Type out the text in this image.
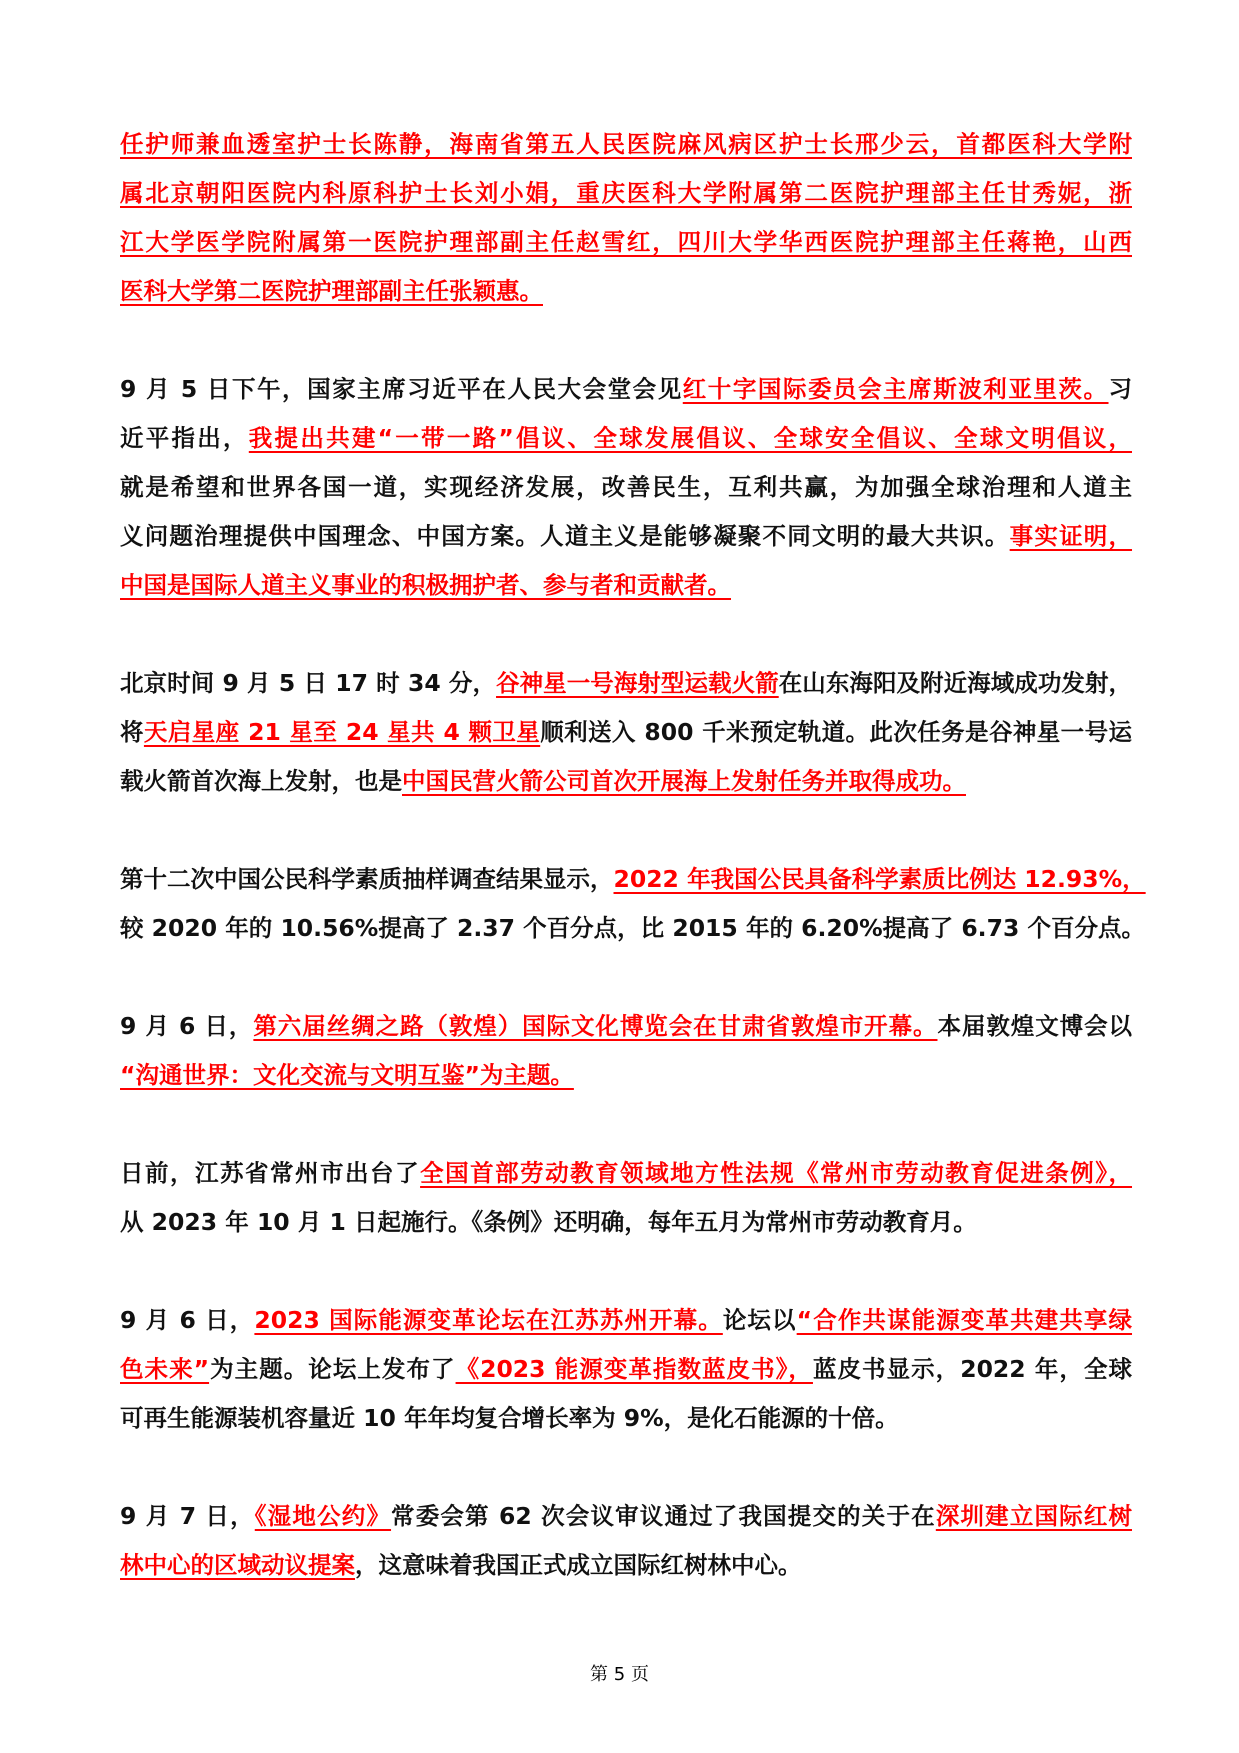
任护师兼血透室护士长陈静，海南省第五人民医院麻风病区护士长邢少云，首都医科大学附
属北京朝阳医院内科原科护士长刘小娟，重庆医科大学附属第二医院护理部主任甘秀妮，浙
江大学医学院附属第一医院护理部副主任赵雪红，四川大学华西医院护理部主任蒋艳，山西
医科大学第二医院护理部副主任张颖惠。
9 月 5 日下午，国家主席习近平在人民大会堂会见红十字国际委员会主席斯波利亚里茨。习
近平指出，我提出共建“一带一路”倡议、全球发展倡议、全球安全倡议、全球文明倡议，
就是希望和世界各国一道，实现经济发展，改善民生，互利共赢，为加强全球治理和人道主
义问题治理提供中国理念、中国方案。人道主义是能够凝聚不同文明的最大共识。事实证明，
中国是国际人道主义事业的积极拥护者、参与者和贡献者。
北京时间 9 月 5 日 17 时 34 分，谷神星一号海射型运载火箭在山东海阳及附近海域成功发射，
将天启星座 21 星至 24 星共 4 颗卫星顺利送入 800 千米预定轨道。此次任务是谷神星一号运
载火箭首次海上发射，也是中国民营火箭公司首次开展海上发射任务并取得成功。
第十二次中国公民科学素质抽样调查结果显示，2022 年我国公民具备科学素质比例达 12.93%，
较 2020 年的 10.56%提高了 2.37 个百分点，比 2015 年的 6.20%提高了 6.73 个百分点。
9 月 6 日，第六届丝绸之路（敦煌）国际文化博览会在甘肃省敦煌市开幕。本届敦煌文博会以
“沟通世界：文化交流与文明互鉴”为主题。
日前，江苏省常州市出台了全国首部劳动教育领域地方性法规《常州市劳动教育促进条例》，
从 2023 年 10 月 1 日起施行。《条例》还明确，每年五月为常州市劳动教育月。
9 月 6 日，2023 国际能源变革论坛在江苏苏州开幕。论坛以“合作共谋能源变革共建共享绿
色未来”为主题。论坛上发布了《2023 能源变革指数蓝皮书》，蓝皮书显示，2022 年，全球
可再生能源装机容量近 10 年年均复合增长率为 9%，是化石能源的十倍。
9 月 7 日，《湿地公约》常委会第 62 次会议审议通过了我国提交的关于在深圳建立国际红树
林中心的区域动议提案，这意味着我国正式成立国际红树林中心。
第 5 页
